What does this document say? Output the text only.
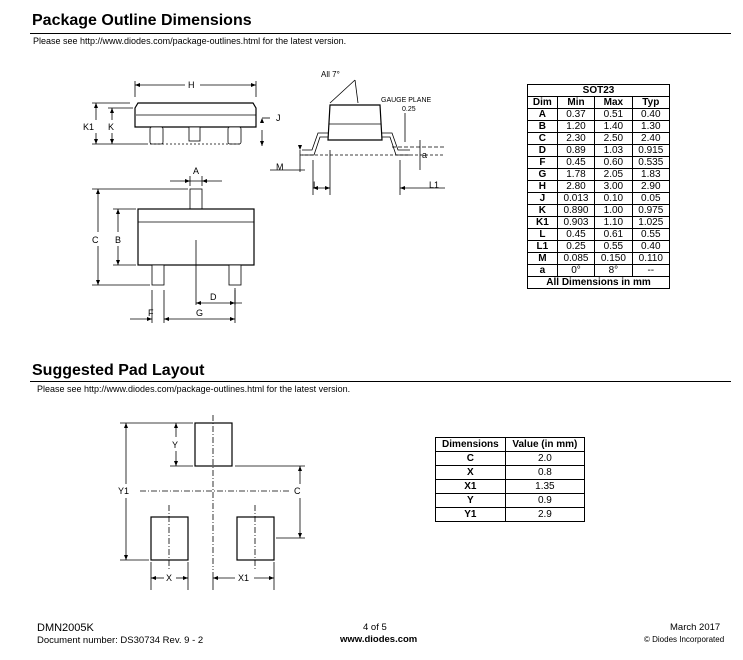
Package Outline Dimensions
Please see http://www.diodes.com/package-outlines.html for the latest version.
H
K1 K
J
M
L	L1
All 7°
GAUGE PLANE
0.25
a
A
C B
D
F	G
SOT23			
Dim	Min	Max	Typ
A	0.37	0.51	0.40
B	1.20	1.40	1.30
C	2.30	2.50	2.40
D	0.89	1.03	0.915
F	0.45	0.60	0.535
G	1.78	2.05	1.83
H	2.80	3.00	2.90
J	0.013	0.10	0.05
K	0.890	1.00	0.975
K1	0.903	1.10	1.025
L	0.45	0.61	0.55
L1	0.25	0.55	0.40
M	0.085	0.150	0.110
a	0°	8°	--
All Dimensions in mm			
Suggested Pad Layout
Please see http://www.diodes.com/package-outlines.html for the latest version.
Y
Y1	C
X	X1
Dimensions	Value (in mm)
C	2.0
X	0.8
X1	1.35
Y	0.9
Y1	2.9
DMN2005K
Document number: DS30734 Rev. 9 - 2
4 of 5
www.diodes.com
March 2017
© Diodes Incorporated
